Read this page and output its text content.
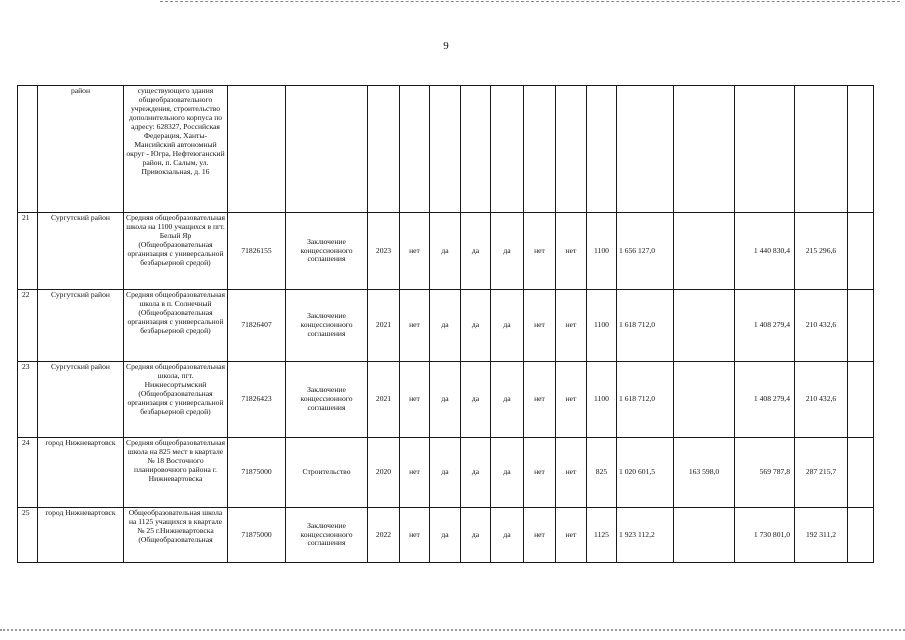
9
	район	существующего здания общеобразовательного учреждения, строительство дополнительного корпуса по адресу: 628327, Российская Федерация, Ханты-Мансийский автономный округ - Югра, Нефтеюганский район, п. Салым, ул. Привокзальная, д. 16															
21	Сургутский район	Средняя общеобразовательная школа на 1100 учащихся в пгт. Белый Яр (Общеобразовательная организация с универсальной безбарьерной средой)	71826155	Заключение концессионного соглашения	2023	нет	да	да	да	нет	нет	1100	1 656 127,0		1 440 830,4	215 296,6	
22	Сургутский район	Средняя общеобразовательная школа в п. Солнечный (Общеобразовательная организация с универсальной безбарьерной средой)	71826407	Заключение концессионного соглашения	2021	нет	да	да	да	нет	нет	1100	1 618 712,0		1 408 279,4	210 432,6	
23	Сургутский район	Средняя общеобразовательная школа, пгт. Нижнесортымский (Общеобразовательная организация с универсальной безбарьерной средой)	71826423	Заключение концессионного соглашения	2021	нет	да	да	да	нет	нет	1100	1 618 712,0		1 408 279,4	210 432,6	
24	город Нижневартовск	Средняя общеобразовательная школа на 825 мест в квартале № 18 Восточного планировочного района г. Нижневартовска	71875000	Строительство	2020	нет	да	да	да	нет	нет	825	1 020 601,5	163 598,0	569 787,8	287 215,7	
25	город Нижневартовск	Общеобразовательная школа на 1125 учащихся в квартале № 25 г.Нижневартовска (Общеобразовательная	71875000	Заключение концессионного соглашения	2022	нет	да	да	да	нет	нет	1125	1 923 112,2		1 730 801,0	192 311,2	
